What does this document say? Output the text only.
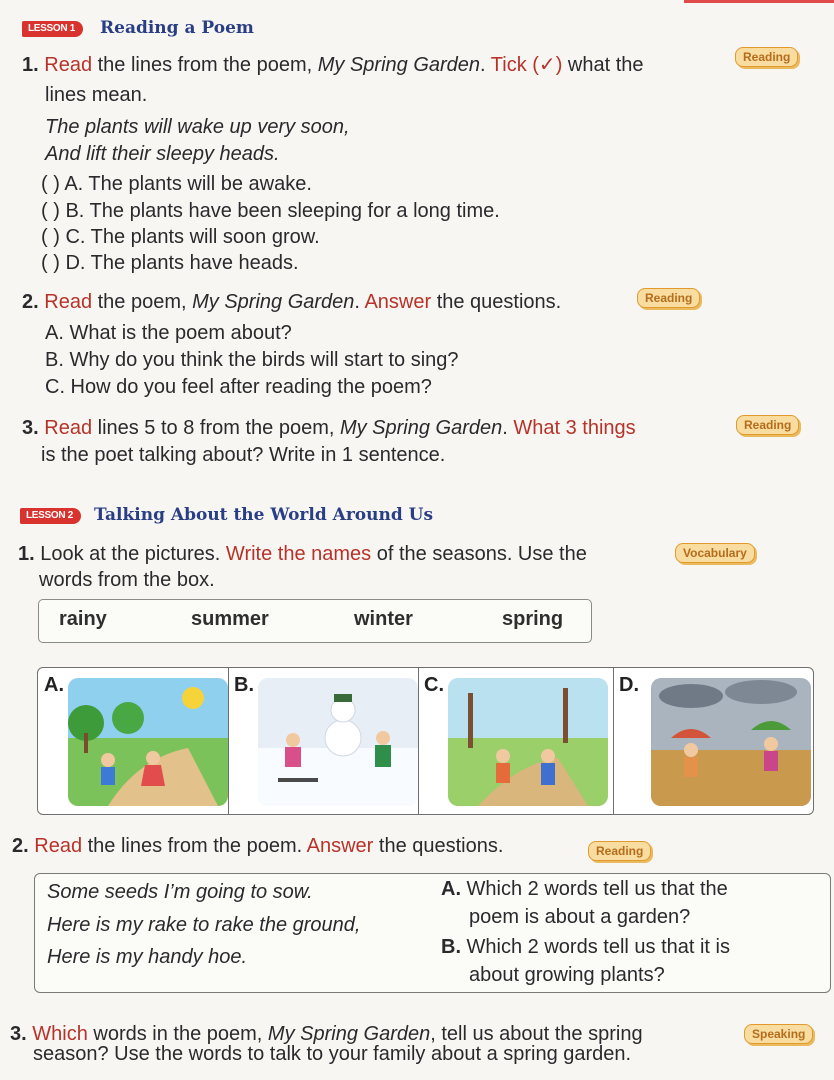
LESSON 1	Reading a Poem
1. Read the lines from the poem, My Spring Garden. Tick (✓) what the
lines mean.
Reading
The plants will wake up very soon,
And lift their sleepy heads.
( ) A. The plants will be awake.
( ) B. The plants have been sleeping for a long time.
( ) C. The plants will soon grow.
( ) D. The plants have heads.
2. Read the poem, My Spring Garden. Answer the questions.	Reading
A. What is the poem about?
B. Why do you think the birds will start to sing?
C. How do you feel after reading the poem?
3. Read lines 5 to 8 from the poem, My Spring Garden. What 3 things
is the poet talking about? Write in 1 sentence.
Reading
LESSON 2	Talking About the World Around Us
1. Look at the pictures. Write the names of the seasons. Use the
words from the box.
Vocabulary
rainy	summer	winter	spring
A.	B.	C.	D.
2. Read the lines from the poem. Answer the questions.	Reading
Some seeds I’m going to sow.
Here is my rake to rake the ground,
Here is my handy hoe.
A. Which 2 words tell us that the
poem is about a garden?
B. Which 2 words tell us that it is
about growing plants?
3. Which words in the poem, My Spring Garden, tell us about the spring
season? Use the words to talk to your family about a spring garden.
Speaking
